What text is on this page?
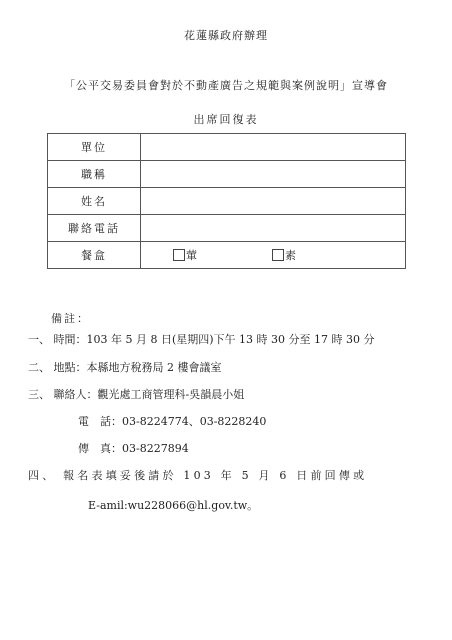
花蓮縣政府辦理
「公平交易委員會對於不動產廣告之規範與案例說明」宣導會
出席回復表
單位	
職稱	
姓名	
聯絡電話	
餐盒	葷 素
備註：
一、 時間：103 年 5 月 8 日(星期四)下午 13 時 30 分至 17 時 30 分
二、 地點：本縣地方稅務局 2 樓會議室
三、 聯絡人：觀光處工商管理科-吳韻晨小姐
電　話：03-8224774、03-8228240
傳　真：03-8227894
四、 報名表填妥後請於 103 年 5 月 6 日前回傳或
E-amil:wu228066@hl.gov.tw。
